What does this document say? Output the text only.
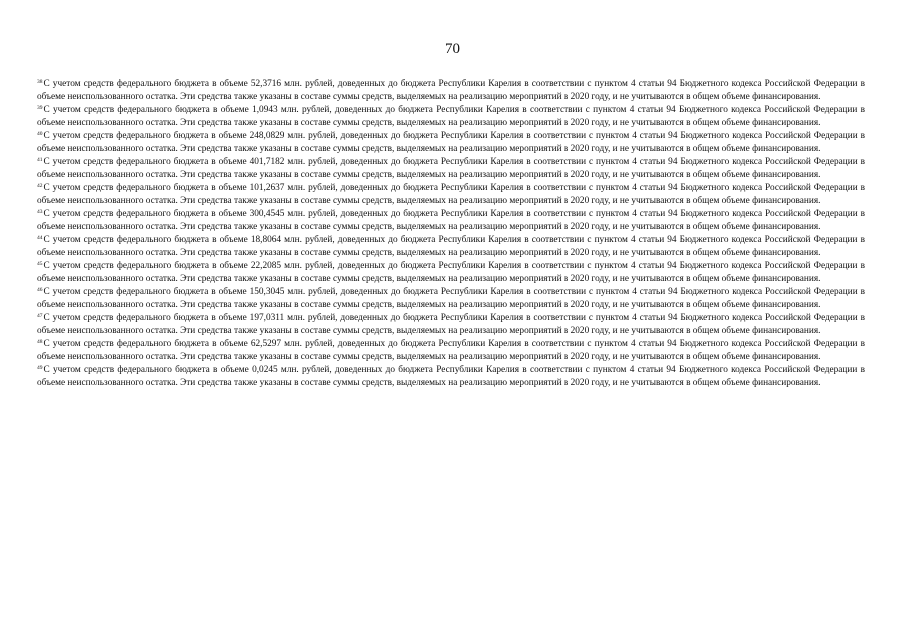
70

$^{38}$С учетом средств федерального бюджета в объеме 52,3716 млн. рублей, доведенных до бюджета Республики Карелия в соответствии с пунктом 4 статьи 94 Бюджетного кодекса Российской Федерации в объеме неиспользованного остатка. Эти средства также указаны в составе суммы средств, выделяемых на реализацию мероприятий в 2020 году, и не учитываются в общем объеме финансирования.

$^{39}$С учетом средств федерального бюджета в объеме 1,0943 млн. рублей, доведенных до бюджета Республики Карелия в соответствии с пунктом 4 статьи 94 Бюджетного кодекса Российской Федерации в объеме неиспользованного остатка. Эти средства также указаны в составе суммы средств, выделяемых на реализацию мероприятий в 2020 году, и не учитываются в общем объеме финансирования.

$^{40}$С учетом средств федерального бюджета в объеме 248,0829 млн. рублей, доведенных до бюджета Республики Карелия в соответствии с пунктом 4 статьи 94 Бюджетного кодекса Российской Федерации в объеме неиспользованного остатка. Эти средства также указаны в составе суммы средств, выделяемых на реализацию мероприятий в 2020 году, и не учитываются в общем объеме финансирования.

$^{41}$С учетом средств федерального бюджета в объеме 401,7182 млн. рублей, доведенных до бюджета Республики Карелия в соответствии с пунктом 4 статьи 94 Бюджетного кодекса Российской Федерации в объеме неиспользованного остатка. Эти средства также указаны в составе суммы средств, выделяемых на реализацию мероприятий в 2020 году, и не учитываются в общем объеме финансирования.

$^{42}$С учетом средств федерального бюджета в объеме 101,2637 млн. рублей, доведенных до бюджета Республики Карелия в соответствии с пунктом 4 статьи 94 Бюджетного кодекса Российской Федерации в объеме неиспользованного остатка. Эти средства также указаны в составе суммы средств, выделяемых на реализацию мероприятий в 2020 году, и не учитываются в общем объеме финансирования.

$^{43}$С учетом средств федерального бюджета в объеме 300,4545 млн. рублей, доведенных до бюджета Республики Карелия в соответствии с пунктом 4 статьи 94 Бюджетного кодекса Российской Федерации в объеме неиспользованного остатка. Эти средства также указаны в составе суммы средств, выделяемых на реализацию мероприятий в 2020 году, и не учитываются в общем объеме финансирования.

$^{44}$С учетом средств федерального бюджета в объеме 18,8064 млн. рублей, доведенных до бюджета Республики Карелия в соответствии с пунктом 4 статьи 94 Бюджетного кодекса Российской Федерации в объеме неиспользованного остатка. Эти средства также указаны в составе суммы средств, выделяемых на реализацию мероприятий в 2020 году, и не учитываются в общем объеме финансирования.

$^{45}$С учетом средств федерального бюджета в объеме 22,2085 млн. рублей, доведенных до бюджета Республики Карелия в соответствии с пунктом 4 статьи 94 Бюджетного кодекса Российской Федерации в объеме неиспользованного остатка. Эти средства также указаны в составе суммы средств, выделяемых на реализацию мероприятий в 2020 году, и не учитываются в общем объеме финансирования.

$^{46}$С учетом средств федерального бюджета в объеме 150,3045 млн. рублей, доведенных до бюджета Республики Карелия в соответствии с пунктом 4 статьи 94 Бюджетного кодекса Российской Федерации в объеме неиспользованного остатка. Эти средства также указаны в составе суммы средств, выделяемых на реализацию мероприятий в 2020 году, и не учитываются в общем объеме финансирования.

$^{47}$С учетом средств федерального бюджета в объеме 197,0311 млн. рублей, доведенных до бюджета Республики Карелия в соответствии с пунктом 4 статьи 94 Бюджетного кодекса Российской Федерации в объеме неиспользованного остатка. Эти средства также указаны в составе суммы средств, выделяемых на реализацию мероприятий в 2020 году, и не учитываются в общем объеме финансирования.

$^{48}$С учетом средств федерального бюджета в объеме 62,5297 млн. рублей, доведенных до бюджета Республики Карелия в соответствии с пунктом 4 статьи 94 Бюджетного кодекса Российской Федерации в объеме неиспользованного остатка. Эти средства также указаны в составе суммы средств, выделяемых на реализацию мероприятий в 2020 году, и не учитываются в общем объеме финансирования.

$^{49}$С учетом средств федерального бюджета в объеме 0,0245 млн. рублей, доведенных до бюджета Республики Карелия в соответствии с пунктом 4 статьи 94 Бюджетного кодекса Российской Федерации в объеме неиспользованного остатка. Эти средства также указаны в составе суммы средств, выделяемых на реализацию мероприятий в 2020 году, и не учитываются в общем объеме финансирования.
